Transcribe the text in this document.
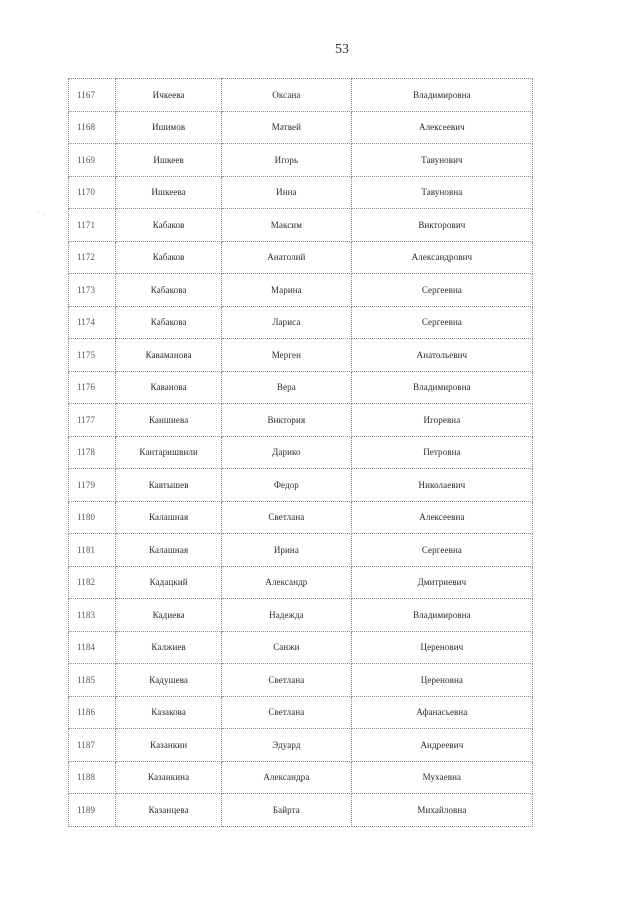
53
1167	Ичкеева	Оксана	Владимировна
1168	Ишимов	Матвей	Алексеевич
1169	Ишкеев	Игорь	Тавунович
1170	Ишкеева	Инна	Тавуновна
1171	Кабаков	Максим	Викторович
1172	Кабаков	Анатолий	Александрович
1173	Кабакова	Марина	Сергеевна
1174	Кабакова	Лариса	Сергеевна
1175	Каваманова	Мерген	Анатольевич
1176	Каванова	Вера	Владимировна
1177	Каншиева	Виктория	Игоревна
1178	Кантаришвили	Дарико	Петровна
1179	Кавтышев	Федор	Николаевич
1180	Калашная	Светлана	Алексеевна
1181	Калашная	Ирина	Сергеевна
1182	Кадацкий	Александр	Дмитриевич
1183	Кадиева	Надежда	Владимировна
1184	Калжиев	Санжи	Церенович
1185	Кадушева	Светлана	Цереновна
1186	Казакова	Светлана	Афанасьевна
1187	Казанкин	Эдуард	Андреевич
1188	Казанкина	Александра	Мухаевна
1189	Казанцева	Байрта	Михайловна
